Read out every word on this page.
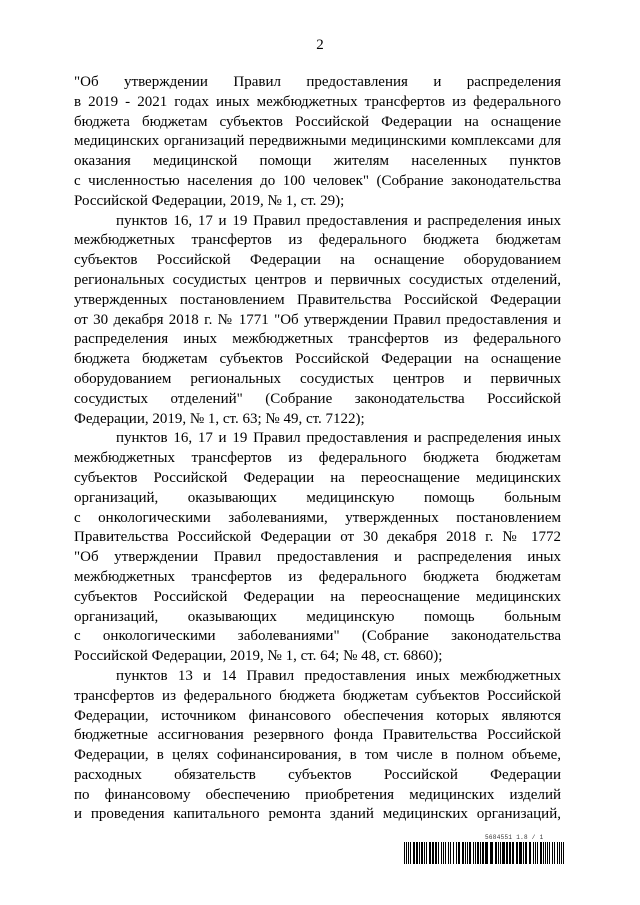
2
"Об утверждении Правил предоставления и распределения
в 2019 - 2021 годах иных межбюджетных трансфертов из федерального
бюджета бюджетам субъектов Российской Федерации на оснащение
медицинских организаций передвижными медицинскими комплексами для
оказания медицинской помощи жителям населенных пунктов
с численностью населения до 100 человек" (Собрание законодательства
Российской Федерации, 2019, № 1, ст. 29);
пунктов 16, 17 и 19 Правил предоставления и распределения иных
межбюджетных трансфертов из федерального бюджета бюджетам
субъектов Российской Федерации на оснащение оборудованием
региональных сосудистых центров и первичных сосудистых отделений,
утвержденных постановлением Правительства Российской Федерации
от 30 декабря 2018 г. № 1771 "Об утверждении Правил предоставления и
распределения иных межбюджетных трансфертов из федерального
бюджета бюджетам субъектов Российской Федерации на оснащение
оборудованием региональных сосудистых центров и первичных
сосудистых отделений" (Собрание законодательства Российской
Федерации, 2019, № 1, ст. 63; № 49, ст. 7122);
пунктов 16, 17 и 19 Правил предоставления и распределения иных
межбюджетных трансфертов из федерального бюджета бюджетам
субъектов Российской Федерации на переоснащение медицинских
организаций, оказывающих медицинскую помощь больным
с онкологическими заболеваниями, утвержденных постановлением
Правительства Российской Федерации от 30 декабря 2018 г. № 1772
"Об утверждении Правил предоставления и распределения иных
межбюджетных трансфертов из федерального бюджета бюджетам
субъектов Российской Федерации на переоснащение медицинских
организаций, оказывающих медицинскую помощь больным
с онкологическими заболеваниями" (Собрание законодательства
Российской Федерации, 2019, № 1, ст. 64; № 48, ст. 6860);
пунктов 13 и 14 Правил предоставления иных межбюджетных
трансфертов из федерального бюджета бюджетам субъектов Российской
Федерации, источником финансового обеспечения которых являются
бюджетные ассигнования резервного фонда Правительства Российской
Федерации, в целях софинансирования, в том числе в полном объеме,
расходных обязательств субъектов Российской Федерации
по финансовому обеспечению приобретения медицинских изделий
и проведения капитального ремонта зданий медицинских организаций,
5684551 1.8 / 1
